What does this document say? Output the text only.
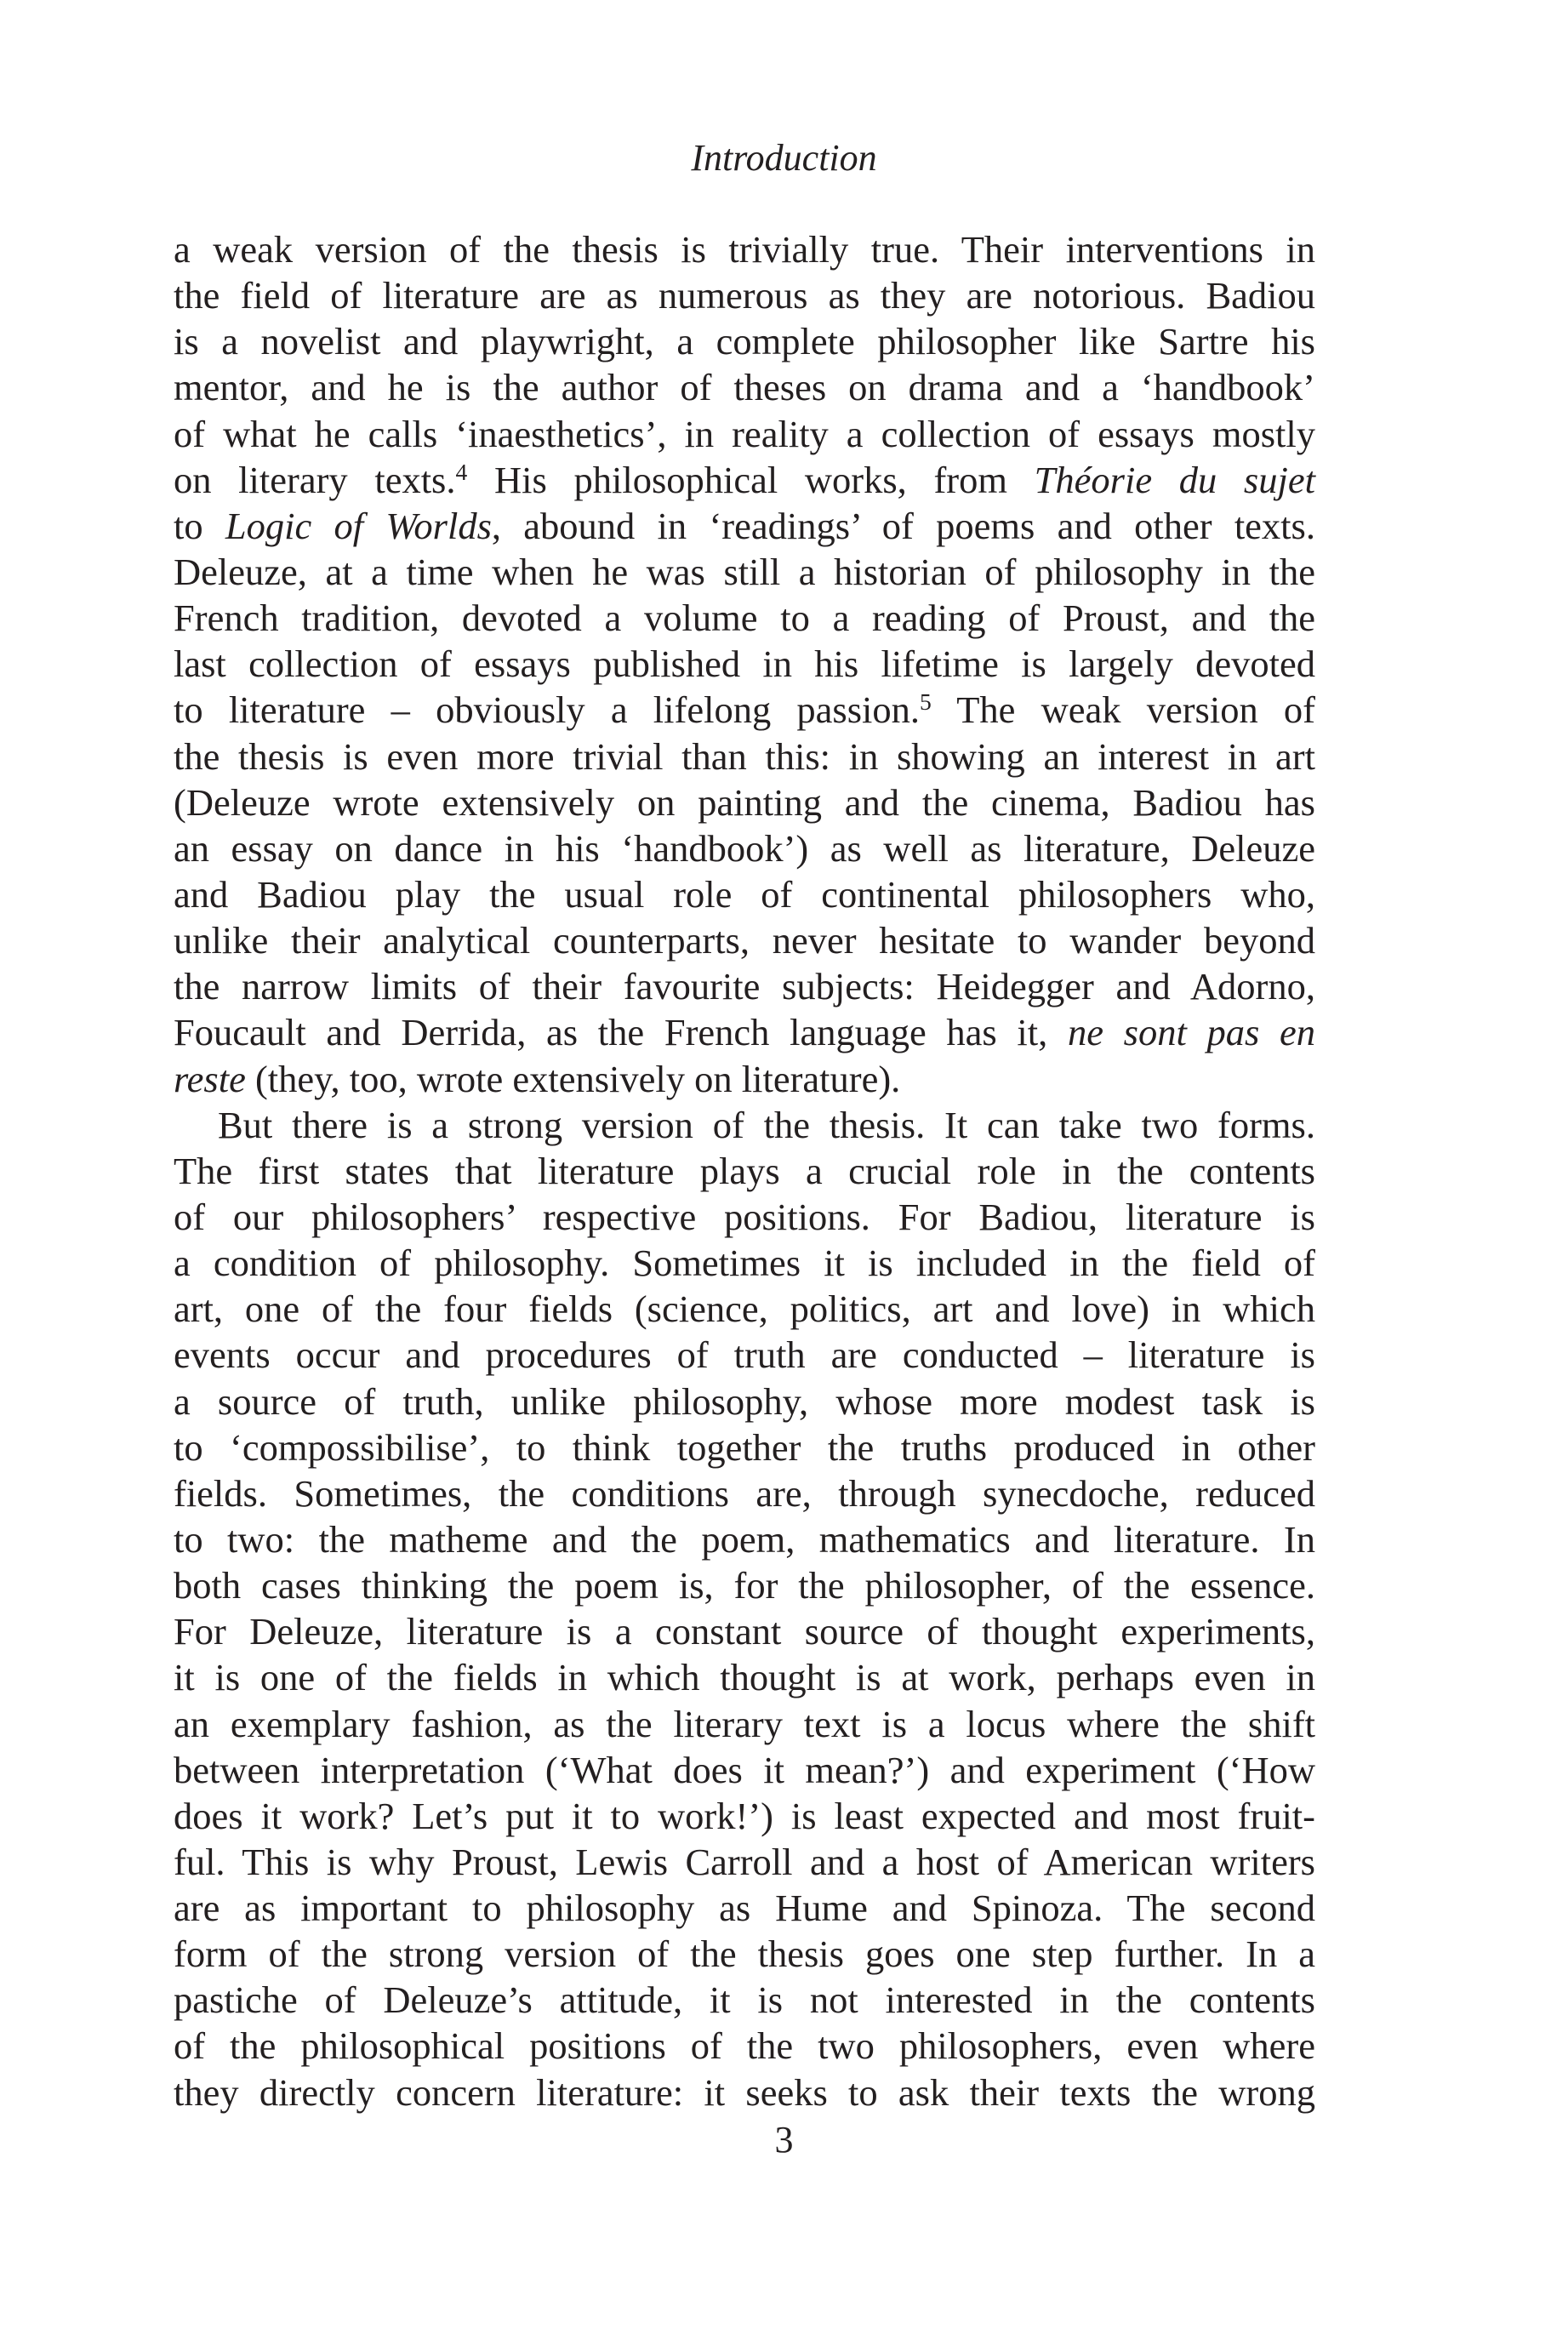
Introduction
a weak version of the thesis is trivially true. Their interventions in
the field of literature are as numerous as they are notorious. Badiou
is a novelist and playwright, a complete philosopher like Sartre his
mentor, and he is the author of theses on drama and a ‘handbook’
of what he calls ‘inaesthetics’, in reality a collection of essays mostly
on literary texts.$^4$ His philosophical works, from Théorie du sujet
to Logic of Worlds, abound in ‘readings’ of poems and other texts.
Deleuze, at a time when he was still a historian of philosophy in the
French tradition, devoted a volume to a reading of Proust, and the
last collection of essays published in his lifetime is largely devoted
to literature – obviously a lifelong passion.$^5$ The weak version of
the thesis is even more trivial than this: in showing an interest in art
(Deleuze wrote extensively on painting and the cinema, Badiou has
an essay on dance in his ‘handbook’) as well as literature, Deleuze
and Badiou play the usual role of continental philosophers who,
unlike their analytical counterparts, never hesitate to wander beyond
the narrow limits of their favourite subjects: Heidegger and Adorno,
Foucault and Derrida, as the French language has it, ne sont pas en
reste (they, too, wrote extensively on literature).
But there is a strong version of the thesis. It can take two forms.
The first states that literature plays a crucial role in the contents
of our philosophers’ respective positions. For Badiou, literature is
a condition of philosophy. Sometimes it is included in the field of
art, one of the four fields (science, politics, art and love) in which
events occur and procedures of truth are conducted – literature is
a source of truth, unlike philosophy, whose more modest task is
to ‘compossibilise’, to think together the truths produced in other
fields. Sometimes, the conditions are, through synecdoche, reduced
to two: the matheme and the poem, mathematics and literature. In
both cases thinking the poem is, for the philosopher, of the essence.
For Deleuze, literature is a constant source of thought experiments,
it is one of the fields in which thought is at work, perhaps even in
an exemplary fashion, as the literary text is a locus where the shift
between interpretation (‘What does it mean?’) and experiment (‘How
does it work? Let’s put it to work!’) is least expected and most fruit-
ful. This is why Proust, Lewis Carroll and a host of American writers
are as important to philosophy as Hume and Spinoza. The second
form of the strong version of the thesis goes one step further. In a
pastiche of Deleuze’s attitude, it is not interested in the contents
of the philosophical positions of the two philosophers, even where
they directly concern literature: it seeks to ask their texts the wrong
3
